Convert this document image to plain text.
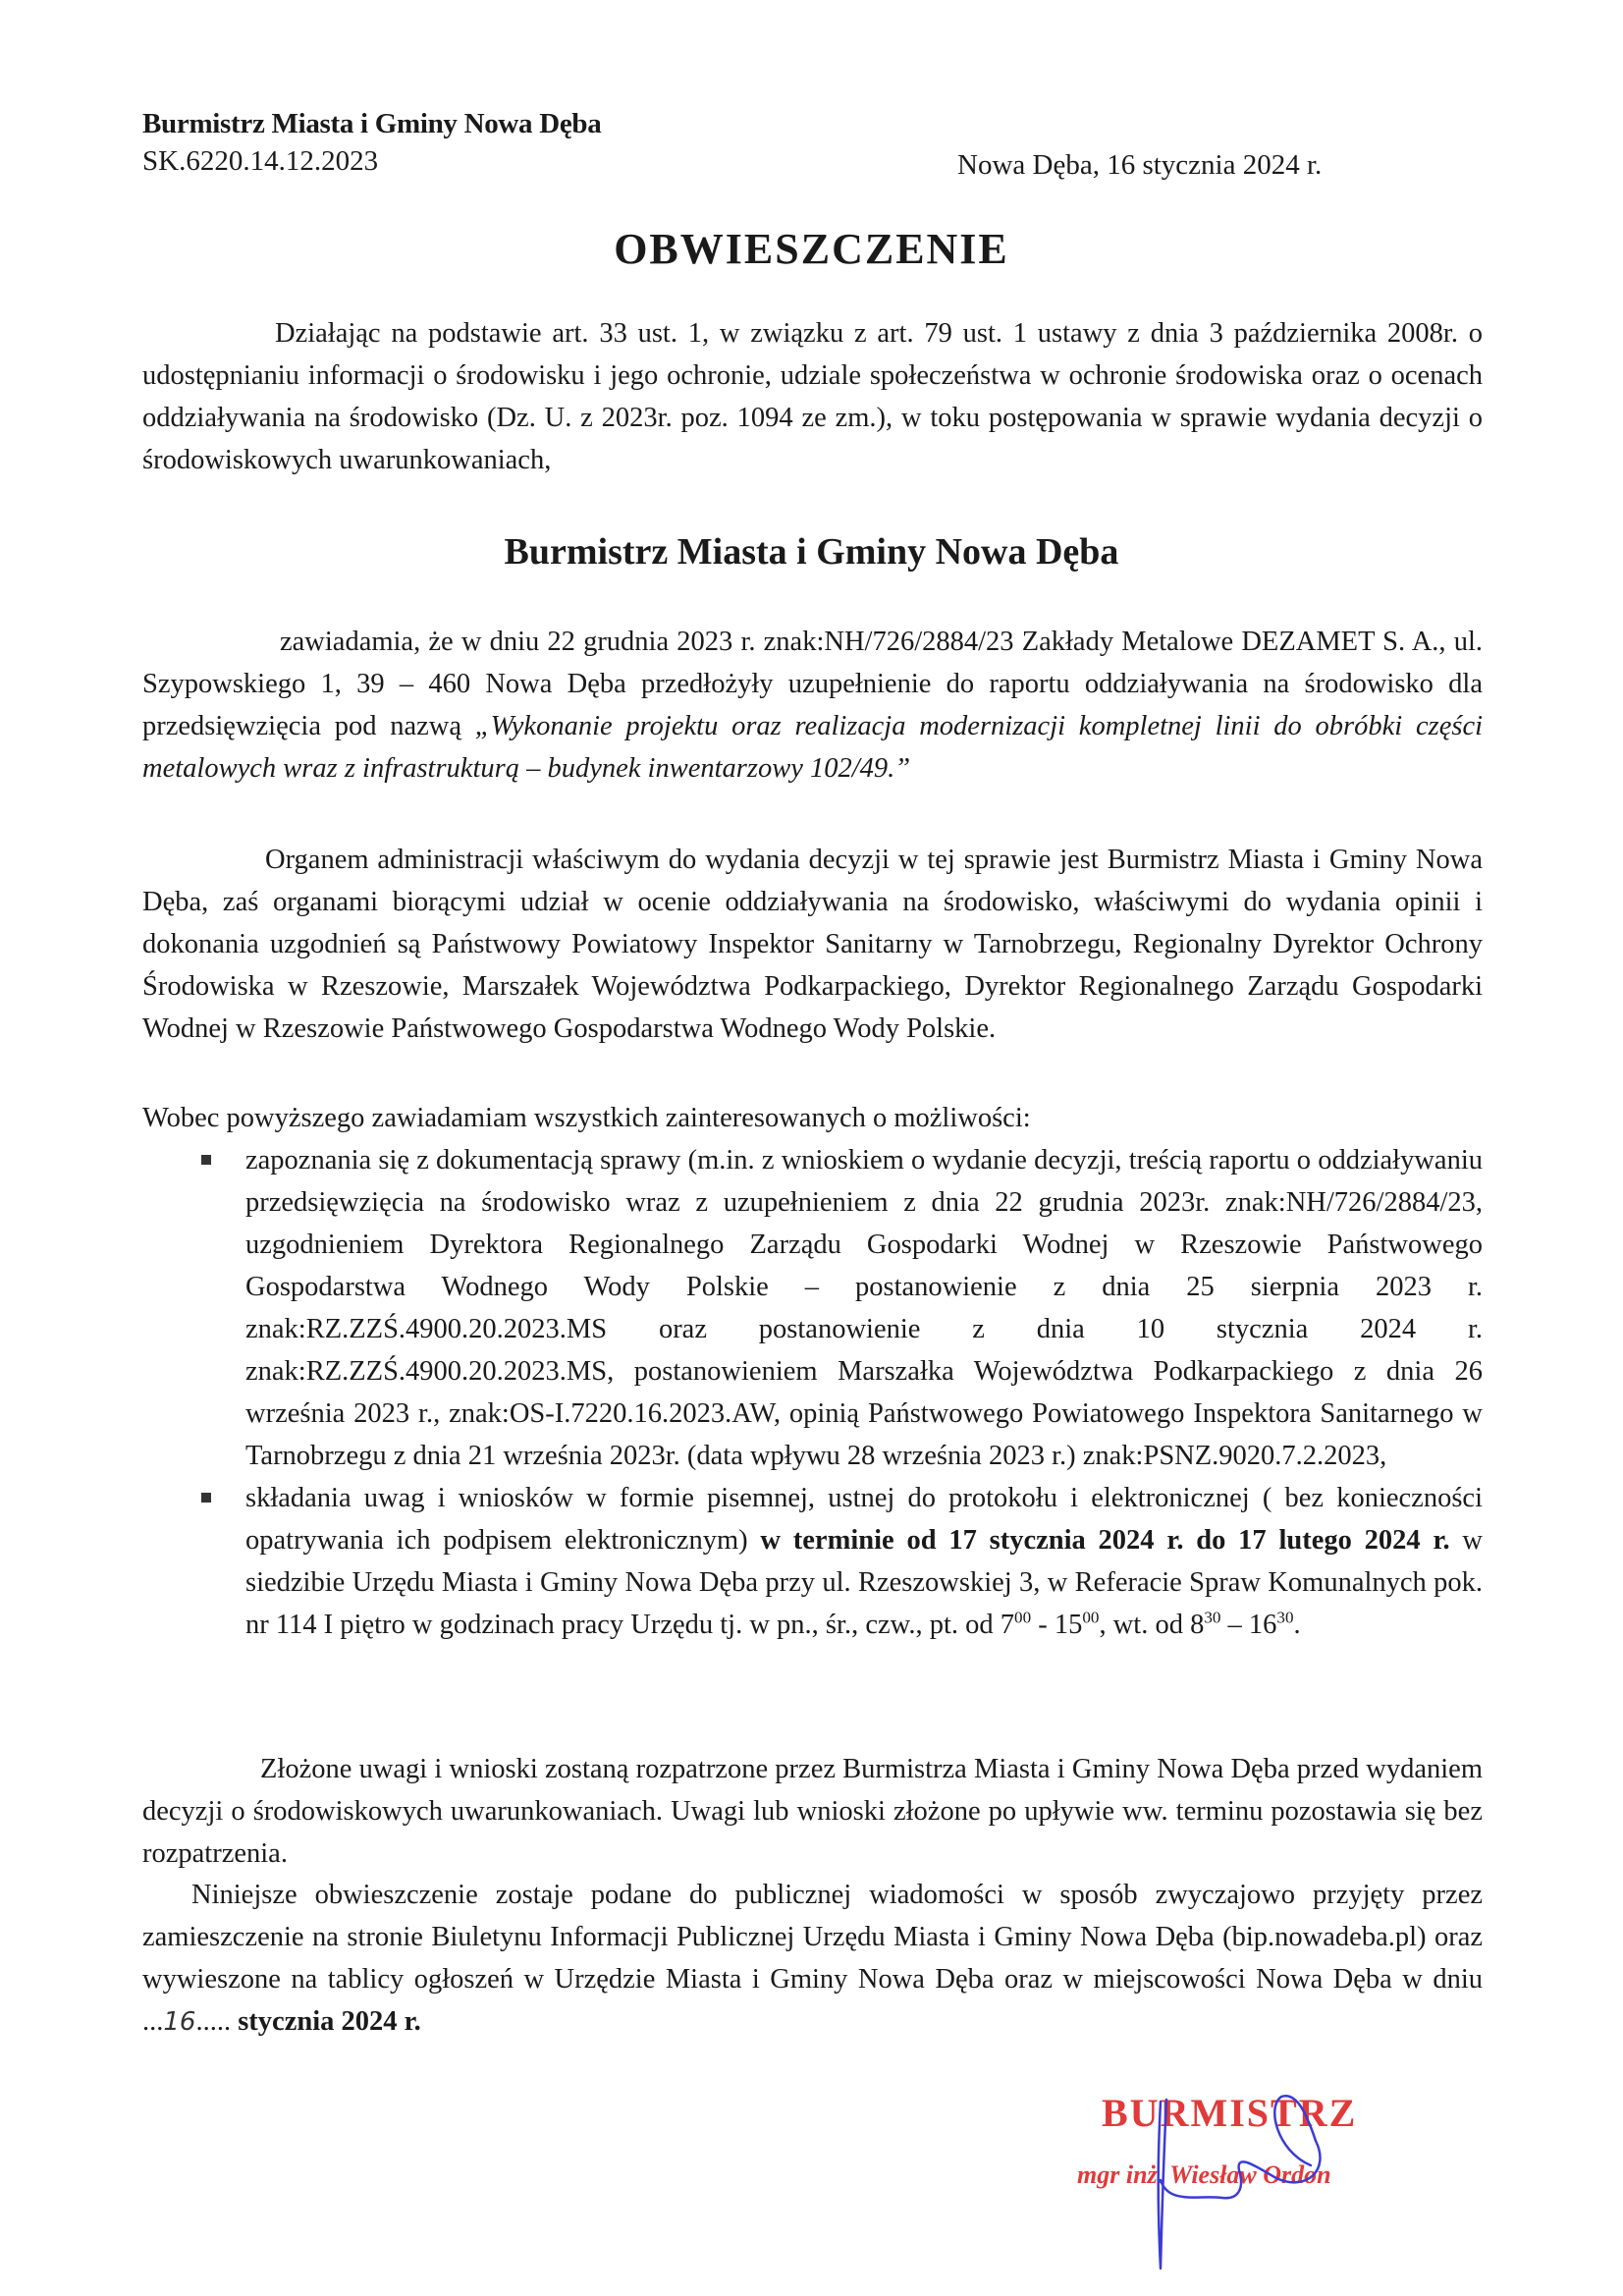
Burmistrz Miasta i Gminy Nowa Dęba
SK.6220.14.12.2023	Nowa Dęba, 16 stycznia 2024 r.
OBWIESZCZENIE
Działając na podstawie art. 33 ust. 1, w związku z art. 79 ust. 1 ustawy z dnia 3 października 2008r. o udostępnianiu informacji o środowisku i jego ochronie, udziale społeczeństwa w ochronie środowiska oraz o ocenach oddziaływania na środowisko (Dz. U. z 2023r. poz. 1094 ze zm.), w toku postępowania w sprawie wydania decyzji o środowiskowych uwarunkowaniach,
Burmistrz Miasta i Gminy Nowa Dęba
zawiadamia, że w dniu 22 grudnia 2023 r. znak:NH/726/2884/23 Zakłady Metalowe DEZAMET S. A., ul. Szypowskiego 1, 39 – 460 Nowa Dęba przedłożyły uzupełnienie do raportu oddziaływania na środowisko dla przedsięwzięcia pod nazwą „Wykonanie projektu oraz realizacja modernizacji kompletnej linii do obróbki części metalowych wraz z infrastrukturą – budynek inwentarzowy 102/49.”
Organem administracji właściwym do wydania decyzji w tej sprawie jest Burmistrz Miasta i Gminy Nowa Dęba, zaś organami biorącymi udział w ocenie oddziaływania na środowisko, właściwymi do wydania opinii i dokonania uzgodnień są Państwowy Powiatowy Inspektor Sanitarny w Tarnobrzegu, Regionalny Dyrektor Ochrony Środowiska w Rzeszowie, Marszałek Województwa Podkarpackiego, Dyrektor Regionalnego Zarządu Gospodarki Wodnej w Rzeszowie Państwowego Gospodarstwa Wodnego Wody Polskie.
Wobec powyższego zawiadamiam wszystkich zainteresowanych o możliwości:
zapoznania się z dokumentacją sprawy (m.in. z wnioskiem o wydanie decyzji, treścią raportu o oddziaływaniu przedsięwzięcia na środowisko wraz z uzupełnieniem z dnia 22 grudnia 2023r. znak:NH/726/2884/23, uzgodnieniem Dyrektora Regionalnego Zarządu Gospodarki Wodnej w Rzeszowie Państwowego Gospodarstwa Wodnego Wody Polskie – postanowienie z dnia 25 sierpnia 2023 r. znak:RZ.ZZŚ.4900.20.2023.MS oraz postanowienie z dnia 10 stycznia 2024 r. znak:RZ.ZZŚ.4900.20.2023.MS, postanowieniem Marszałka Województwa Podkarpackiego z dnia 26 września 2023 r., znak:OS-I.7220.16.2023.AW, opinią Państwowego Powiatowego Inspektora Sanitarnego w Tarnobrzegu z dnia 21 września 2023r. (data wpływu 28 września 2023 r.) znak:PSNZ.9020.7.2.2023,
składania uwag i wniosków w formie pisemnej, ustnej do protokołu i elektronicznej ( bez konieczności opatrywania ich podpisem elektronicznym) w terminie od 17 stycznia 2024 r. do 17 lutego 2024 r. w siedzibie Urzędu Miasta i Gminy Nowa Dęba przy ul. Rzeszowskiej 3, w Referacie Spraw Komunalnych pok. nr 114 I piętro w godzinach pracy Urzędu tj. w pn., śr., czw., pt. od $7^{00} - 15^{00}$, wt. od $8^{30} - 16^{30}$.
Złożone uwagi i wnioski zostaną rozpatrzone przez Burmistrza Miasta i Gminy Nowa Dęba przed wydaniem decyzji o środowiskowych uwarunkowaniach. Uwagi lub wnioski złożone po upływie ww. terminu pozostawia się bez rozpatrzenia.
Niniejsze obwieszczenie zostaje podane do publicznej wiadomości w sposób zwyczajowo przyjęty przez zamieszczenie na stronie Biuletynu Informacji Publicznej Urzędu Miasta i Gminy Nowa Dęba (bip.nowadeba.pl) oraz wywieszone na tablicy ogłoszeń w Urzędzie Miasta i Gminy Nowa Dęba oraz w miejscowości Nowa Dęba w dniu ...16..... stycznia 2024 r.
BURMISTRZ
mgr inż. Wiesław Ordon
